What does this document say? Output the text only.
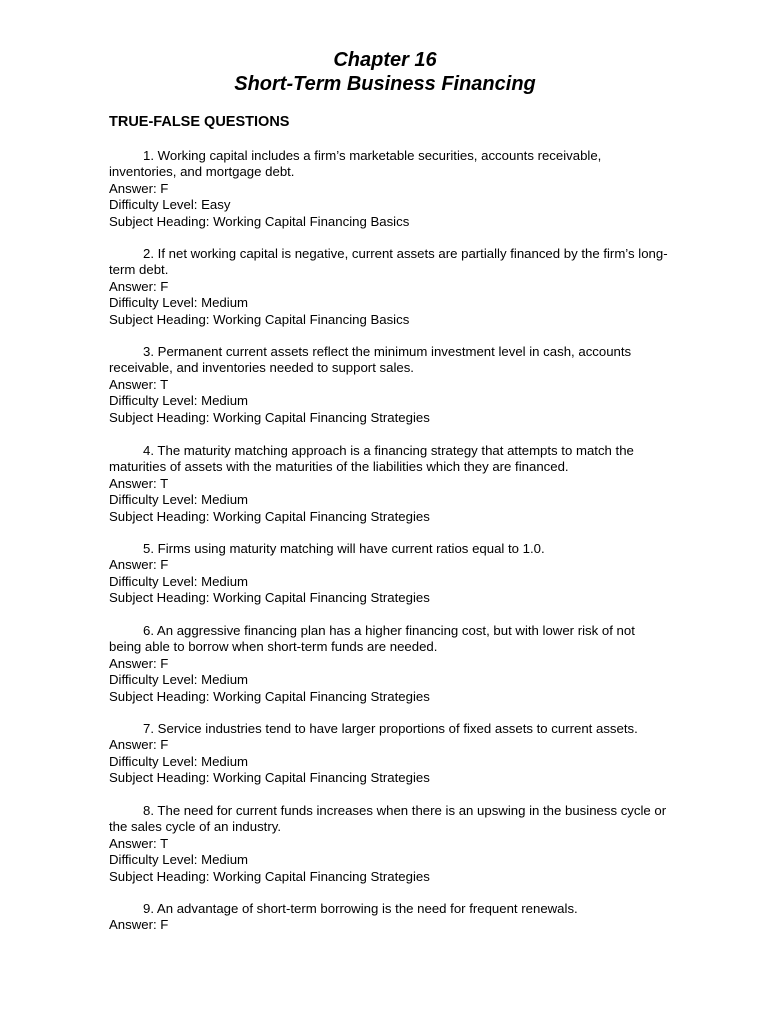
Chapter 16
Short-Term Business Financing
TRUE-FALSE QUESTIONS

1. Working capital includes a firm’s marketable securities, accounts receivable, inventories, and mortgage debt.

Answer: F

Difficulty Level: Easy

Subject Heading: Working Capital Financing Basics

2. If net working capital is negative, current assets are partially financed by the firm’s long-term debt.

Answer: F

Difficulty Level: Medium

Subject Heading: Working Capital Financing Basics

3. Permanent current assets reflect the minimum investment level in cash, accounts receivable, and inventories needed to support sales.

Answer: T

Difficulty Level: Medium

Subject Heading: Working Capital Financing Strategies

4. The maturity matching approach is a financing strategy that attempts to match the maturities of assets with the maturities of the liabilities which they are financed.

Answer: T

Difficulty Level: Medium

Subject Heading: Working Capital Financing Strategies

5. Firms using maturity matching will have current ratios equal to 1.0.

Answer: F

Difficulty Level: Medium

Subject Heading: Working Capital Financing Strategies

6. An aggressive financing plan has a higher financing cost, but with lower risk of not being able to borrow when short-term funds are needed.

Answer: F

Difficulty Level: Medium

Subject Heading: Working Capital Financing Strategies

7. Service industries tend to have larger proportions of fixed assets to current assets.

Answer: F

Difficulty Level: Medium

Subject Heading: Working Capital Financing Strategies

8. The need for current funds increases when there is an upswing in the business cycle or the sales cycle of an industry.

Answer: T

Difficulty Level: Medium

Subject Heading: Working Capital Financing Strategies

9. An advantage of short-term borrowing is the need for frequent renewals.

Answer: F
